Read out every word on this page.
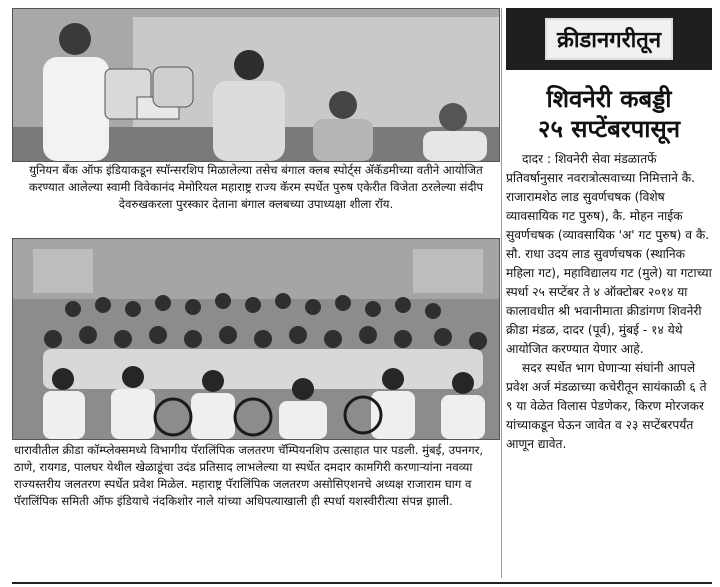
युनियन बँक ऑफ इंडियाकडून स्पॉन्सरशिप मिळालेल्या तसेच बंगाल क्लब स्पोर्ट्स ॲकॅडमीच्या वतीने आयोजित करण्यात आलेल्या स्वामी विवेकानंद मेमोरियल महाराष्ट्र राज्य कॅरम स्पर्धेत पुरुष एकेरीत विजेता ठरलेल्या संदीप देवरुखकरला पुरस्कार देताना बंगाल क्लबच्या उपाध्यक्षा शीला रॉय.
धारावीतील क्रीडा कॉम्प्लेक्समध्ये विभागीय पॅरालिंपिक जलतरण चॅम्पियनशिप उत्साहात पार पडली. मुंबई, उपनगर, ठाणे, रायगड, पालघर येथील खेळाडूंचा उदंड प्रतिसाद लाभलेल्या या स्पर्धेत दमदार कामगिरी करणाऱ्यांना नवव्या राज्यस्तरीय जलतरण स्पर्धेत प्रवेश मिळेल. महाराष्ट्र पॅरालिंपिक जलतरण असोसिएशनचे अध्यक्ष राजाराम घाग व पॅरालिंपिक समिती ऑफ इंडियाचे नंदकिशोर नाले यांच्या अधिपत्याखाली ही स्पर्धा यशस्वीरीत्या संपन्न झाली.
क्रीडानगरीतून
शिवनेरी कबड्डी
२५ सप्टेंबरपासून

दादर : शिवनेरी सेवा मंडळातर्फे प्रतिवर्षानुसार नवरात्रोत्सवाच्या निमित्ताने कै. राजारामशेठ लाड सुवर्णचषक (विशेष व्यावसायिक गट पुरुष), कै. मोहन नाईक सुवर्णचषक (व्यावसायिक 'अ' गट पुरुष) व कै. सौ. राधा उदय लाड सुवर्णचषक (स्थानिक महिला गट), महाविद्यालय गट (मुले) या गटाच्या स्पर्धा २५ सप्टेंबर ते ४ ऑक्टोबर २०१४ या कालावधीत श्री भवानीमाता क्रीडांगण शिवनेरी क्रीडा मंडळ, दादर (पूर्व), मुंबई - १४ येथे आयोजित करण्यात येणार आहे.

सदर स्पर्धेत भाग घेणाऱ्या संघांनी आपले प्रवेश अर्ज मंडळाच्या कचेरीतून सायंकाळी ६ ते ९ या वेळेत विलास पेडणेकर, किरण मोरजकर यांच्याकडून घेऊन जावेत व २३ सप्टेंबरपर्यंत आणून द्यावेत.
